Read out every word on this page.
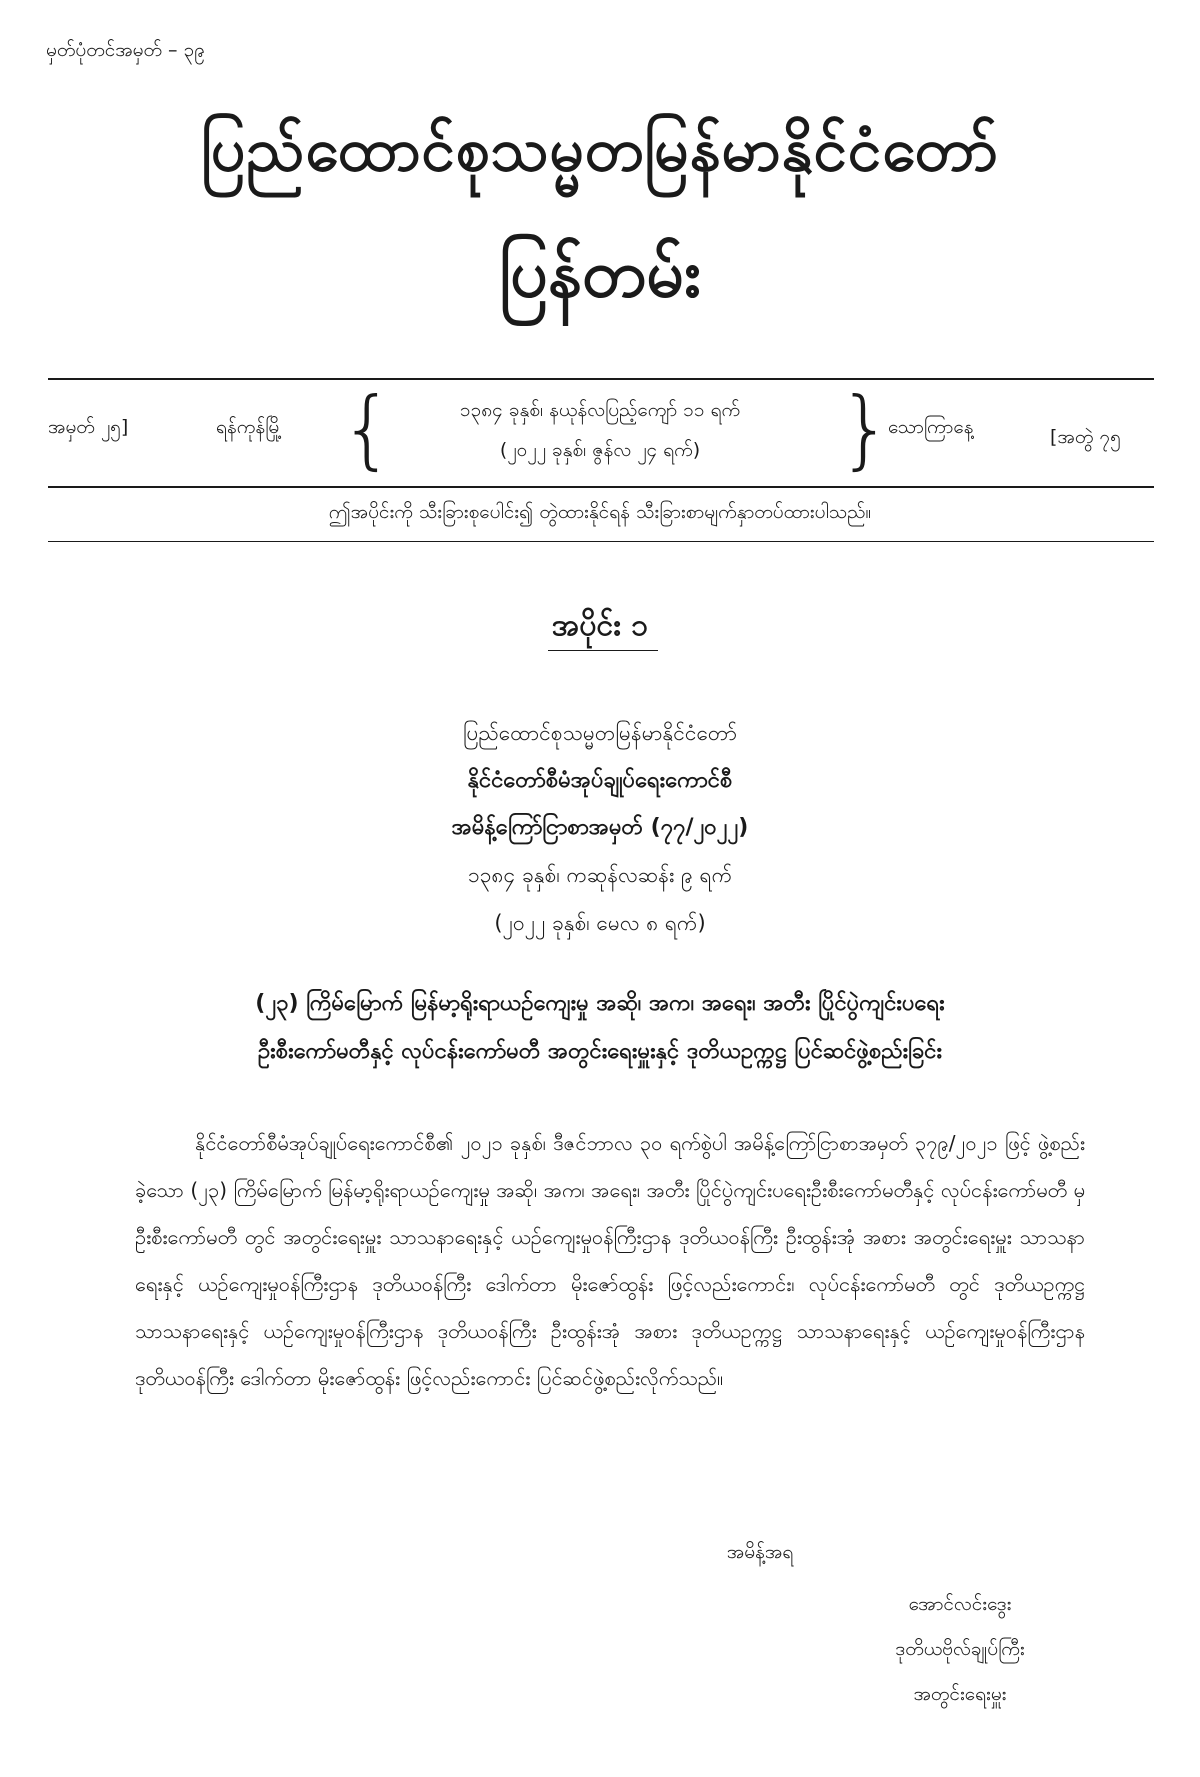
မှတ်ပုံတင်အမှတ် – ၃၉
ပြည်ထောင်စုသမ္မတမြန်မာနိုင်ငံတော်
ပြန်တမ်း
အမှတ် ၂၅]	ရန်ကုန်မြို့ {	၁၃၈၄ ခုနှစ်၊ နယုန်လပြည့်ကျော် ၁၁ ရက်
(၂၀၂၂ ခုနှစ်၊ ဇွန်လ ၂၄ ရက်)	}
သောကြာနေ့	[အတွဲ ၇၅
ဤအပိုင်းကို သီးခြားစုပေါင်း၍ တွဲထားနိုင်ရန် သီးခြားစာမျက်နှာတပ်ထားပါသည်။
အပိုင်း ၁
ပြည်ထောင်စုသမ္မတမြန်မာနိုင်ငံတော်
နိုင်ငံတော်စီမံအုပ်ချုပ်ရေးကောင်စီ
အမိန့်ကြော်ငြာစာအမှတ် (၇၇/၂၀၂၂)
၁၃၈၄ ခုနှစ်၊ ကဆုန်လဆန်း ၉ ရက်
(၂၀၂၂ ခုနှစ်၊ မေလ ၈ ရက်)
(၂၃) ကြိမ်မြောက် မြန်မာ့ရိုးရာယဉ်ကျေးမှု အဆို၊ အက၊ အရေး၊ အတီး ပြိုင်ပွဲကျင်းပရေး
ဦးစီးကော်မတီနှင့် လုပ်ငန်းကော်မတီ အတွင်းရေးမှူးနှင့် ဒုတိယဥက္ကဋ္ဌ ပြင်ဆင်ဖွဲ့စည်းခြင်း
နိုင်ငံတော်စီမံအုပ်ချုပ်ရေးကောင်စီ၏ ၂၀၂၁ ခုနှစ်၊ ဒီဇင်ဘာလ ၃၀ ရက်စွဲပါ အမိန့်ကြော်ငြာစာအမှတ် ၃၇၉/၂၀၂၁ ဖြင့် ဖွဲ့စည်းခဲ့သော (၂၃) ကြိမ်မြောက် မြန်မာ့ရိုးရာယဉ်ကျေးမှု အဆို၊ အက၊ အရေး၊ အတီး ပြိုင်ပွဲကျင်းပရေးဦးစီးကော်မတီနှင့် လုပ်ငန်းကော်မတီ မှ ဦးစီးကော်မတီ တွင် အတွင်းရေးမှူး သာသနာရေးနှင့် ယဉ်ကျေးမှုဝန်ကြီးဌာန ဒုတိယဝန်ကြီး ဦးထွန်းအုံ အစား အတွင်းရေးမှူး သာသနာရေးနှင့် ယဉ်ကျေးမှုဝန်ကြီးဌာန ဒုတိယဝန်ကြီး ဒေါက်တာ မိုးဇော်ထွန်း ဖြင့်လည်းကောင်း၊ လုပ်ငန်းကော်မတီ တွင် ဒုတိယဥက္ကဋ္ဌ သာသနာရေးနှင့် ယဉ်ကျေးမှုဝန်ကြီးဌာန ဒုတိယဝန်ကြီး ဦးထွန်းအုံ အစား ဒုတိယဥက္ကဋ္ဌ သာသနာရေးနှင့် ယဉ်ကျေးမှုဝန်ကြီးဌာန ဒုတိယဝန်ကြီး ဒေါက်တာ မိုးဇော်ထွန်း ဖြင့်လည်းကောင်း ပြင်ဆင်ဖွဲ့စည်းလိုက်သည်။
အမိန့်အရ
အောင်လင်းဒွေး
ဒုတိယဗိုလ်ချုပ်ကြီး
အတွင်းရေးမှူး
